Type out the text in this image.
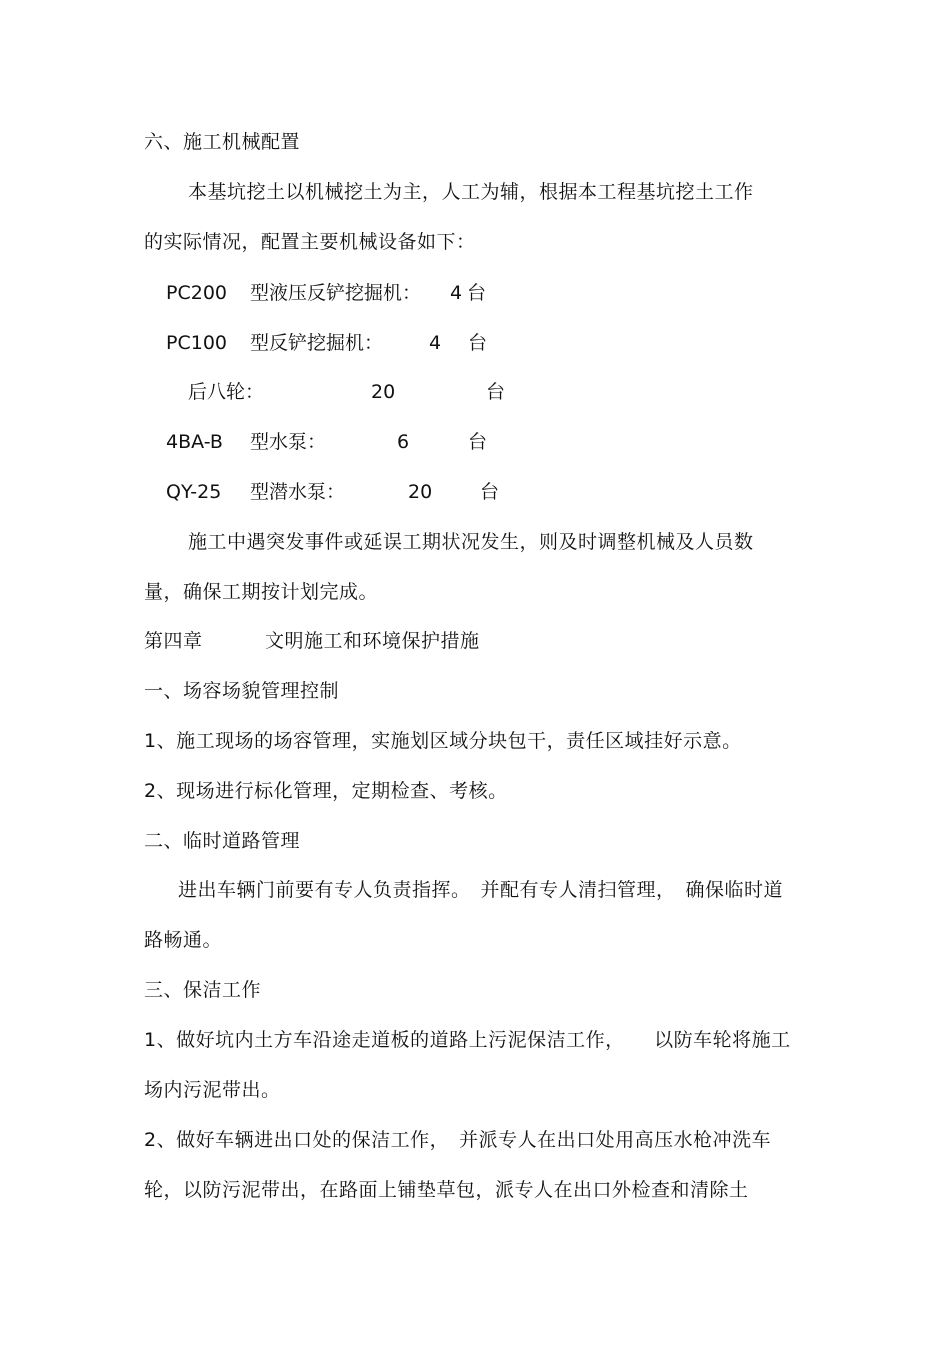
六、施工机械配置
本基坑挖土以机械挖土为主，人工为辅，根据本工程基坑挖土工作
的实际情况，配置主要机械设备如下：
PC200 型液压反铲挖掘机： 4 台
PC100 型反铲挖掘机： 4 台
后八轮：	20	台
4BA-B 型水泵：	6	台
QY-25 型潜水泵：	20	台
施工中遇突发事件或延误工期状况发生，则及时调整机械及人员数
量，确保工期按计划完成。
第四章	文明施工和环境保护措施
一、场容场貌管理控制
1、施工现场的场容管理，实施划区域分块包干，责任区域挂好示意。
2、现场进行标化管理，定期检查、考核。
二、临时道路管理
进出车辆门前要有专人负责指挥。　并配有专人清扫管理，　确保临时道
路畅通。
三、保洁工作
1、做好坑内土方车沿途走道板的道路上污泥保洁工作，　　以防车轮将施工
场内污泥带出。
2、做好车辆进出口处的保洁工作，　并派专人在出口处用高压水枪冲洗车
轮，以防污泥带出，在路面上铺垫草包，派专人在出口外检查和清除土
